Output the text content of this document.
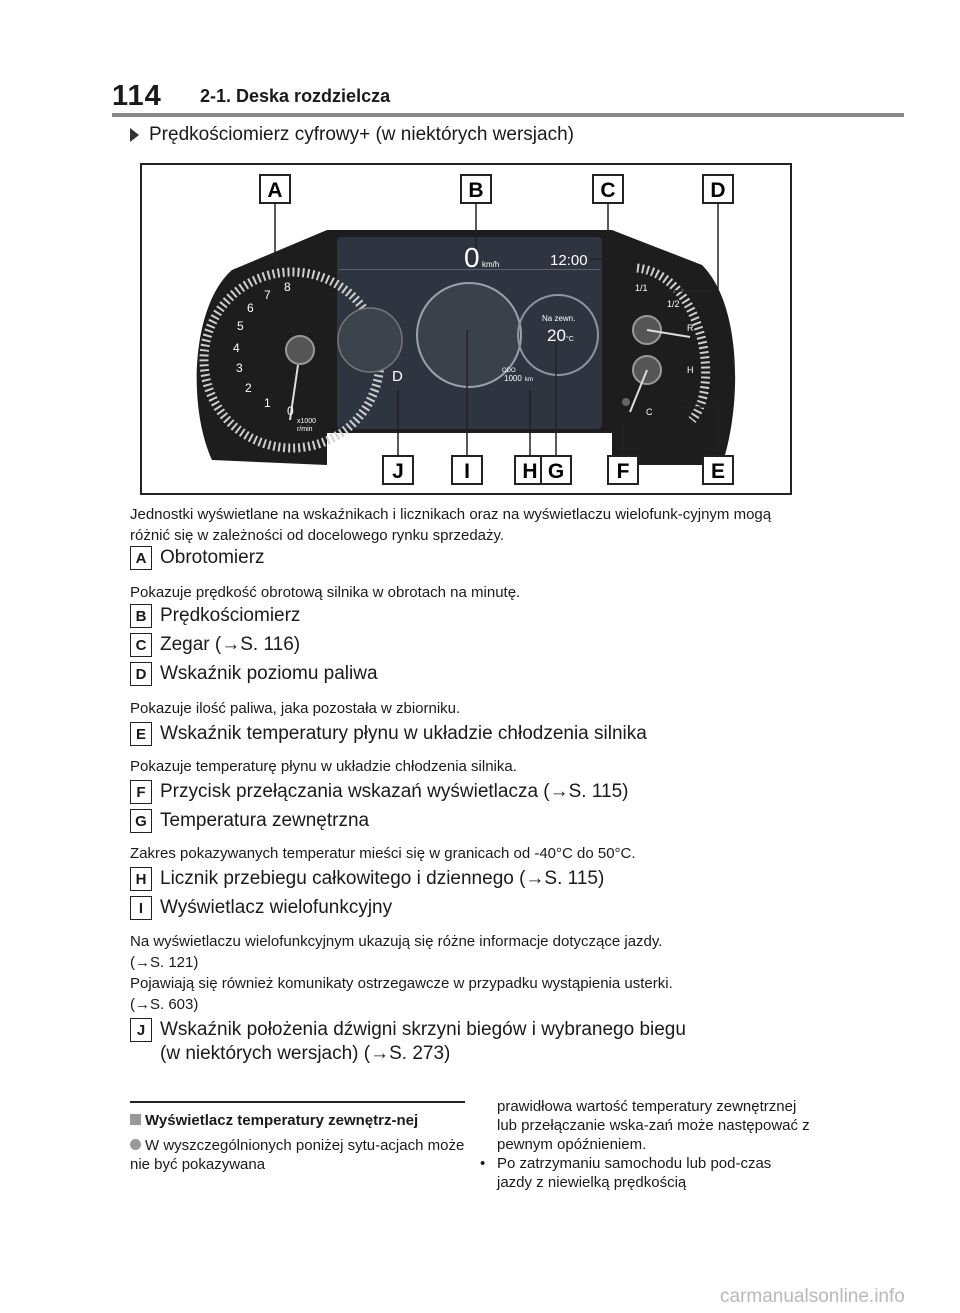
114 2-1. Deska rozdzielcza
Prędkościomierz cyfrowy+ (w niektórych wersjach)
A	B	C	D
J	I H G F	E
0 km/h	12:00
D
Na zewn.
20 °C
ODO
1000 km
0
1
2
3
4
5
6
7
8
x1000
r/min
1/1
1/2
R
H
C

Jednostki wyświetlane na wskaźnikach i licznikach oraz na wyświetlaczu wielofunk-cyjnym mogą różnić się w zależności od docelowego rynku sprzedaży.

A Obrotomierz

Pokazuje prędkość obrotową silnika w obrotach na minutę.

B Prędkościomierz
C Zegar (→S. 116)
D Wskaźnik poziomu paliwa

Pokazuje ilość paliwa, jaka pozostała w zbiorniku.

E Wskaźnik temperatury płynu w układzie chłodzenia silnika

Pokazuje temperaturę płynu w układzie chłodzenia silnika.

F Przycisk przełączania wskazań wyświetlacza (→S. 115)
G Temperatura zewnętrzna

Zakres pokazywanych temperatur mieści się w granicach od -40°C do 50°C.

H Licznik przebiegu całkowitego i dziennego (→S. 115)
I Wyświetlacz wielofunkcyjny

Na wyświetlaczu wielofunkcyjnym ukazują się różne informacje dotyczące jazdy.

(→S. 121)

Pojawiają się również komunikaty ostrzegawcze w przypadku wystąpienia usterki.

(→S. 603)

J Wskaźnik położenia dźwigni skrzyni biegów i wybranego biegu
(w niektórych wersjach) (→S. 273)

Wyświetlacz temperatury zewnętrz-nej

W wyszczególnionych poniżej sytu-acjach może nie być pokazywana

prawidłowa wartość temperatury zewnętrznej lub przełączanie wska-zań może następować z pewnym opóźnieniem.

• Po zatrzymaniu samochodu lub pod-czas jazdy z niewielką prędkością
carmanualsonline.info
